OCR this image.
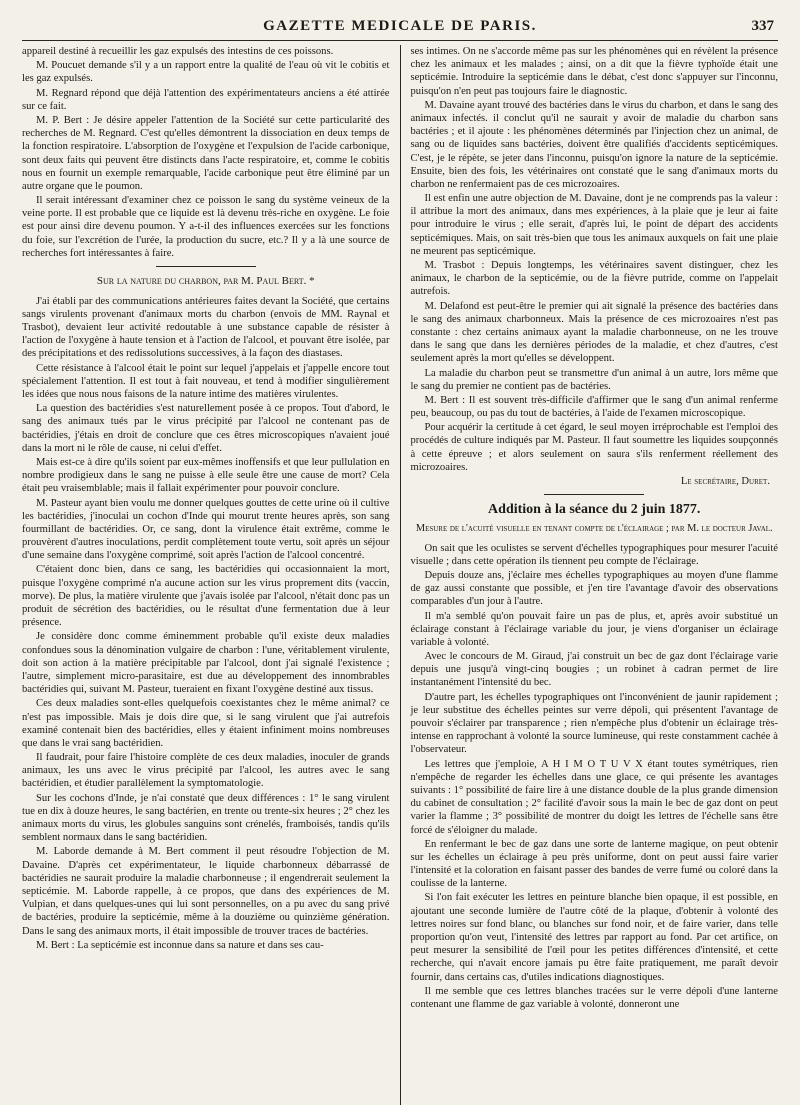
GAZETTE MEDICALE DE PARIS.	337

appareil destiné à recueillir les gaz expulsés des intestins de ces poissons.

M. Poucuet demande s'il y a un rapport entre la qualité de l'eau où vit le cobitis et les gaz expulsés.

M. Regnard répond que déjà l'attention des expérimentateurs anciens a été attirée sur ce fait.

M. P. Bert : Je désire appeler l'attention de la Société sur cette particularité des recherches de M. Regnard. C'est qu'elles démontrent la dissociation en deux temps de la fonction respiratoire. L'absorption de l'oxygène et l'expulsion de l'acide carbonique, sont deux faits qui peuvent être distincts dans l'acte respiratoire, et, comme le cobitis nous en fournit un exemple remarquable, l'acide carbonique peut être éliminé par un autre organe que le poumon.

Il serait intéressant d'examiner chez ce poisson le sang du système veineux de la veine porte. Il est probable que ce liquide est là devenu très-riche en oxygène. Le foie est pour ainsi dire devenu poumon. Y a-t-il des influences exercées sur les fonctions du foie, sur l'excrétion de l'urée, la production du sucre, etc.? Il y a là une source de recherches fort intéressantes à faire.

Sur la nature du charbon, par M. Paul Bert. *

J'ai établi par des communications antérieures faites devant la Société, que certains sangs virulents provenant d'animaux morts du charbon (envois de MM. Raynal et Trasbot), devaient leur activité redoutable à une substance capable de résister à l'action de l'oxygène à haute tension et à l'action de l'alcool, et pouvant être isolée, par des précipitations et des redissolutions successives, à la façon des diastases.

Cette résistance à l'alcool était le point sur lequel j'appelais et j'appelle encore tout spécialement l'attention. Il est tout à fait nouveau, et tend à modifier singulièrement les idées que nous nous faisons de la nature intime des matières virulentes.

La question des bactéridies s'est naturellement posée à ce propos. Tout d'abord, le sang des animaux tués par le virus précipité par l'alcool ne contenant pas de bactéridies, j'étais en droit de conclure que ces êtres microscopiques n'avaient joué dans la mort ni le rôle de cause, ni celui d'effet.

Mais est-ce à dire qu'ils soient par eux-mêmes inoffensifs et que leur pullulation en nombre prodigieux dans le sang ne puisse à elle seule être une cause de mort? Cela était peu vraisemblable; mais il fallait expérimenter pour pouvoir conclure.

M. Pasteur ayant bien voulu me donner quelques gouttes de cette urine où il cultive les bactéridies, j'inoculai un cochon d'Inde qui mourut trente heures après, son sang fourmillant de bactéridies. Or, ce sang, dont la virulence était extrême, comme le prouvèrent d'autres inoculations, perdit complètement toute vertu, soit après un séjour d'une semaine dans l'oxygène comprimé, soit après l'action de l'alcool concentré.

C'étaient donc bien, dans ce sang, les bactéridies qui occasionnaient la mort, puisque l'oxygène comprimé n'a aucune action sur les virus proprement dits (vaccin, morve). De plus, la matière virulente que j'avais isolée par l'alcool, n'était donc pas un produit de sécrétion des bactéridies, ou le résultat d'une fermentation due à leur présence.

Je considère donc comme éminemment probable qu'il existe deux maladies confondues sous la dénomination vulgaire de charbon : l'une, véritablement virulente, doit son action à la matière précipitable par l'alcool, dont j'ai signalé l'existence ; l'autre, simplement micro-parasitaire, est due au développement des innombrables bactéridies qui, suivant M. Pasteur, tueraient en fixant l'oxygène destiné aux tissus.

Ces deux maladies sont-elles quelquefois coexistantes chez le même animal? ce n'est pas impossible. Mais je dois dire que, si le sang virulent que j'ai autrefois examiné contenait bien des bactéridies, elles y étaient infiniment moins nombreuses que dans le vrai sang bactéridien.

Il faudrait, pour faire l'histoire complète de ces deux maladies, inoculer de grands animaux, les uns avec le virus précipité par l'alcool, les autres avec le sang bactéridien, et étudier parallèlement la symptomatologie.

Sur les cochons d'Inde, je n'ai constaté que deux différences : 1° le sang virulent tue en dix à douze heures, le sang bactérien, en trente ou trente-six heures ; 2° chez les animaux morts du virus, les globules sanguins sont crénelés, framboisés, tandis qu'ils semblent normaux dans le sang bactéridien.

M. Laborde demande à M. Bert comment il peut résoudre l'objection de M. Davaine. D'après cet expérimentateur, le liquide charbonneux débarrassé de bactéridies ne saurait produire la maladie charbonneuse ; il engendrerait seulement la septicémie. M. Laborde rappelle, à ce propos, que dans des expériences de M. Vulpian, et dans quelques-unes qui lui sont personnelles, on a pu avec du sang privé de bactéries, produire la septicémie, même à la douzième ou quinzième génération. Dans le sang des animaux morts, il était impossible de trouver traces de bactéries.

M. Bert : La septicémie est inconnue dans sa nature et dans ses cau-

ses intimes. On ne s'accorde même pas sur les phénomènes qui en révèlent la présence chez les animaux et les malades ; ainsi, on a dit que la fièvre typhoïde était une septicémie. Introduire la septicémie dans le débat, c'est donc s'appuyer sur l'inconnu, puisqu'on n'en peut pas toujours faire le diagnostic.

M. Davaine ayant trouvé des bactéries dans le virus du charbon, et dans le sang des animaux infectés. il conclut qu'il ne saurait y avoir de maladie du charbon sans bactéries ; et il ajoute : les phénomènes déterminés par l'injection chez un animal, de sang ou de liquides sans bactéries, doivent être qualifiés d'accidents septicémiques. C'est, je le répète, se jeter dans l'inconnu, puisqu'on ignore la nature de la septicémie. Ensuite, bien des fois, les vétérinaires ont constaté que le sang d'animaux morts du charbon ne renfermaient pas de ces microzoaires.

Il est enfin une autre objection de M. Davaine, dont je ne comprends pas la valeur : il attribue la mort des animaux, dans mes expériences, à la plaie que je leur ai faite pour introduire le virus ; elle serait, d'après lui, le point de départ des accidents septicémiques. Mais, on sait très-bien que tous les animaux auxquels on fait une plaie ne meurent pas septicémique.

M. Trasbot : Depuis longtemps, les vétérinaires savent distinguer, chez les animaux, le charbon de la septicémie, ou de la fièvre putride, comme on l'appelait autrefois.

M. Delafond est peut-être le premier qui ait signalé la présence des bactéries dans le sang des animaux charbonneux. Mais la présence de ces microzoaires n'est pas constante : chez certains animaux ayant la maladie charbonneuse, on ne les trouve dans le sang que dans les dernières périodes de la maladie, et chez d'autres, c'est seulement après la mort qu'elles se développent.

La maladie du charbon peut se transmettre d'un animal à un autre, lors même que le sang du premier ne contient pas de bactéries.

M. Bert : Il est souvent très-difficile d'affirmer que le sang d'un animal renferme peu, beaucoup, ou pas du tout de bactéries, à l'aide de l'examen microscopique.

Pour acquérir la certitude à cet égard, le seul moyen irréprochable est l'emploi des procédés de culture indiqués par M. Pasteur. Il faut soumettre les liquides soupçonnés à cette épreuve ; et alors seulement on saura s'ils renferment réellement des microzoaires.

Le secrétaire, Duret.

Addition à la séance du 2 juin 1877.

Mesure de l'acuité visuelle en tenant compte de l'éclairage ; par M. le docteur Javal.

On sait que les oculistes se servent d'échelles typographiques pour mesurer l'acuité visuelle ; dans cette opération ils tiennent peu compte de l'éclairage.

Depuis douze ans, j'éclaire mes échelles typographiques au moyen d'une flamme de gaz aussi constante que possible, et j'en tire l'avantage d'avoir des observations comparables d'un jour à l'autre.

Il m'a semblé qu'on pouvait faire un pas de plus, et, après avoir substitué un éclairage constant à l'éclairage variable du jour, je viens d'organiser un éclairage variable à volonté.

Avec le concours de M. Giraud, j'ai construit un bec de gaz dont l'éclairage varie depuis une jusqu'à vingt-cinq bougies ; un robinet à cadran permet de lire instantanément l'intensité du bec.

D'autre part, les échelles typographiques ont l'inconvénient de jaunir rapidement ; je leur substitue des échelles peintes sur verre dépoli, qui présentent l'avantage de pouvoir s'éclairer par transparence ; rien n'empêche plus d'obtenir un éclairage très-intense en rapprochant à volonté la source lumineuse, qui reste constamment cachée à l'observateur.

Les lettres que j'emploie, A H I M O T U V X étant toutes symétriques, rien n'empêche de regarder les échelles dans une glace, ce qui présente les avantages suivants : 1° possibilité de faire lire à une distance double de la plus grande dimension du cabinet de consultation ; 2° facilité d'avoir sous la main le bec de gaz dont on peut varier la flamme ; 3° possibilité de montrer du doigt les lettres de l'échelle sans être forcé de s'éloigner du malade.

En renfermant le bec de gaz dans une sorte de lanterne magique, on peut obtenir sur les échelles un éclairage à peu près uniforme, dont on peut aussi faire varier l'intensité et la coloration en faisant passer des bandes de verre fumé ou coloré dans la coulisse de la lanterne.

Si l'on fait exécuter les lettres en peinture blanche bien opaque, il est possible, en ajoutant une seconde lumière de l'autre côté de la plaque, d'obtenir à volonté des lettres noires sur fond blanc, ou blanches sur fond noir, et de faire varier, dans telle proportion qu'on veut, l'intensité des lettres par rapport au fond. Par cet artifice, on peut mesurer la sensibilité de l'œil pour les petites différences d'intensité, et cette recherche, qui n'avait encore jamais pu être faite pratiquement, me paraît devoir fournir, dans certains cas, d'utiles indications diagnostiques.

Il me semble que ces lettres blanches tracées sur le verre dépoli d'une lanterne contenant une flamme de gaz variable à volonté, donneront une
